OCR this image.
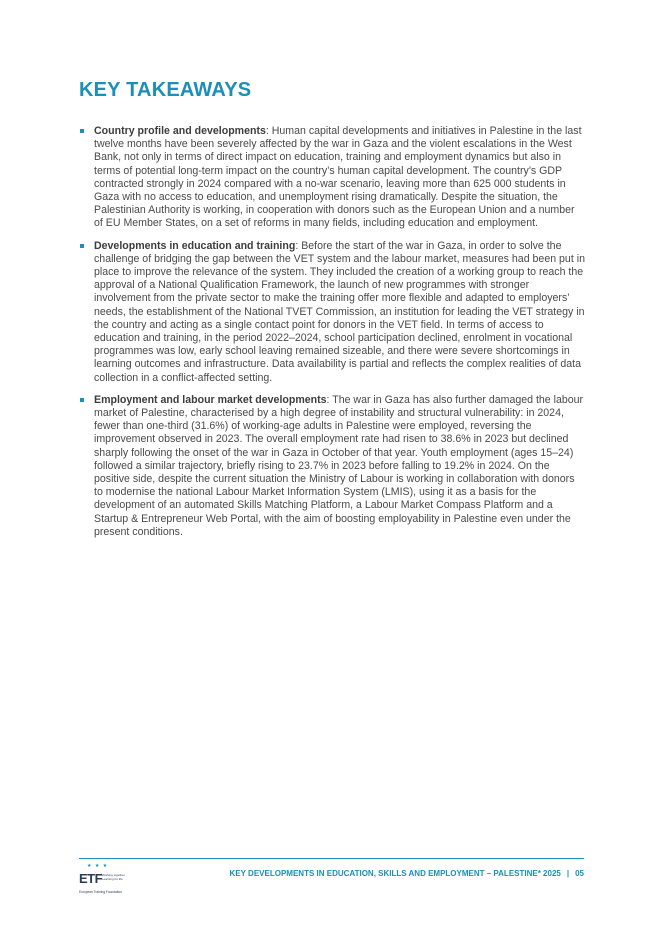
KEY TAKEAWAYS
Country profile and developments: Human capital developments and initiatives in Palestine in the last twelve months have been severely affected by the war in Gaza and the violent escalations in the West Bank, not only in terms of direct impact on education, training and employment dynamics but also in terms of potential long-term impact on the country’s human capital development. The country’s GDP contracted strongly in 2024 compared with a no-war scenario, leaving more than 625 000 students in Gaza with no access to education, and unemployment rising dramatically. Despite the situation, the Palestinian Authority is working, in cooperation with donors such as the European Union and a number of EU Member States, on a set of reforms in many fields, including education and employment.
Developments in education and training: Before the start of the war in Gaza, in order to solve the challenge of bridging the gap between the VET system and the labour market, measures had been put in place to improve the relevance of the system. They included the creation of a working group to reach the approval of a National Qualification Framework, the launch of new programmes with stronger involvement from the private sector to make the training offer more flexible and adapted to employers’ needs, the establishment of the National TVET Commission, an institution for leading the VET strategy in the country and acting as a single contact point for donors in the VET field. In terms of access to education and training, in the period 2022–2024, school participation declined, enrolment in vocational programmes was low, early school leaving remained sizeable, and there were severe shortcomings in learning outcomes and infrastructure. Data availability is partial and reflects the complex realities of data collection in a conflict-affected setting.
Employment and labour market developments: The war in Gaza has also further damaged the labour market of Palestine, characterised by a high degree of instability and structural vulnerability: in 2024, fewer than one-third (31.6%) of working-age adults in Palestine were employed, reversing the improvement observed in 2023. The overall employment rate had risen to 38.6% in 2023 but declined sharply following the onset of the war in Gaza in October of that year. Youth employment (ages 15–24) followed a similar trajectory, briefly rising to 23.7% in 2023 before falling to 19.2% in 2024. On the positive side, despite the current situation the Ministry of Labour is working in collaboration with donors to modernise the national Labour Market Information System (LMIS), using it as a basis for the development of an automated Skills Matching Platform, a Labour Market Compass Platform and a Startup & Entrepreneur Web Portal, with the aim of boosting employability in Palestine even under the present conditions.
★ ★ ★
ETF Working together
Learning for life
European Training Foundation
KEY DEVELOPMENTS IN EDUCATION, SKILLS AND EMPLOYMENT – PALESTINE* 2025 | 05
